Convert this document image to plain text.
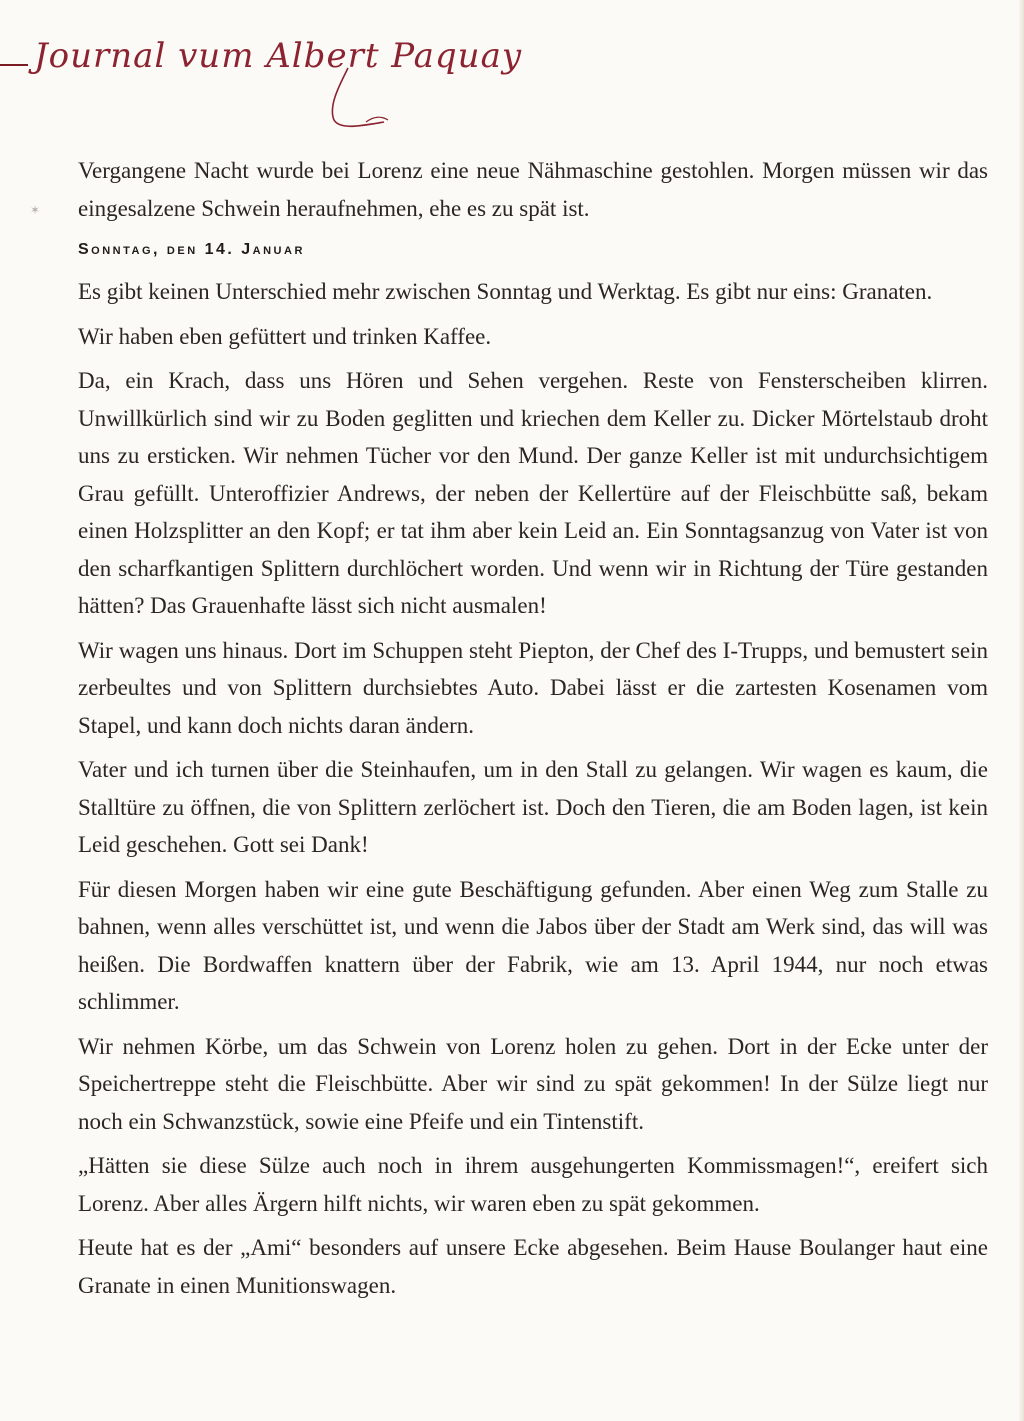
Journal vum Albert Paquay
✶

Vergangene Nacht wurde bei Lorenz eine neue Nähmaschine gestohlen. Morgen müssen wir das eingesalzene Schwein heraufnehmen, ehe es zu spät ist.

Sonntag, den 14. Januar

Es gibt keinen Unterschied mehr zwischen Sonntag und Werktag. Es gibt nur eins: Granaten.

Wir haben eben gefüttert und trinken Kaffee.

Da, ein Krach, dass uns Hören und Sehen vergehen. Reste von Fensterscheiben klirren. Unwillkürlich sind wir zu Boden geglitten und kriechen dem Keller zu. Dicker Mörtelstaub droht uns zu ersticken. Wir nehmen Tücher vor den Mund. Der ganze Keller ist mit undurchsichtigem Grau gefüllt. Unteroffizier Andrews, der neben der Kellertüre auf der Fleischbütte saß, bekam einen Holzsplitter an den Kopf; er tat ihm aber kein Leid an. Ein Sonntagsanzug von Vater ist von den scharfkantigen Splittern durchlöchert worden. Und wenn wir in Richtung der Türe gestanden hätten? Das Grauenhafte lässt sich nicht ausmalen!

Wir wagen uns hinaus. Dort im Schuppen steht Piepton, der Chef des I-Trupps, und bemustert sein zerbeultes und von Splittern durchsiebtes Auto. Dabei lässt er die zartesten Kosenamen vom Stapel, und kann doch nichts daran ändern.

Vater und ich turnen über die Steinhaufen, um in den Stall zu gelangen. Wir wagen es kaum, die Stalltüre zu öffnen, die von Splittern zerlöchert ist. Doch den Tieren, die am Boden lagen, ist kein Leid geschehen. Gott sei Dank!

Für diesen Morgen haben wir eine gute Beschäftigung gefunden. Aber einen Weg zum Stalle zu bahnen, wenn alles verschüttet ist, und wenn die Jabos über der Stadt am Werk sind, das will was heißen. Die Bordwaffen knattern über der Fabrik, wie am 13. April 1944, nur noch etwas schlimmer.

Wir nehmen Körbe, um das Schwein von Lorenz holen zu gehen. Dort in der Ecke unter der Speichertreppe steht die Fleischbütte. Aber wir sind zu spät gekommen! In der Sülze liegt nur noch ein Schwanzstück, sowie eine Pfeife und ein Tintenstift.

„Hätten sie diese Sülze auch noch in ihrem ausgehungerten Kommissmagen!“, ereifert sich Lorenz. Aber alles Ärgern hilft nichts, wir waren eben zu spät gekommen.

Heute hat es der „Ami“ besonders auf unsere Ecke abgesehen. Beim Hause Boulanger haut eine Granate in einen Munitionswagen.
